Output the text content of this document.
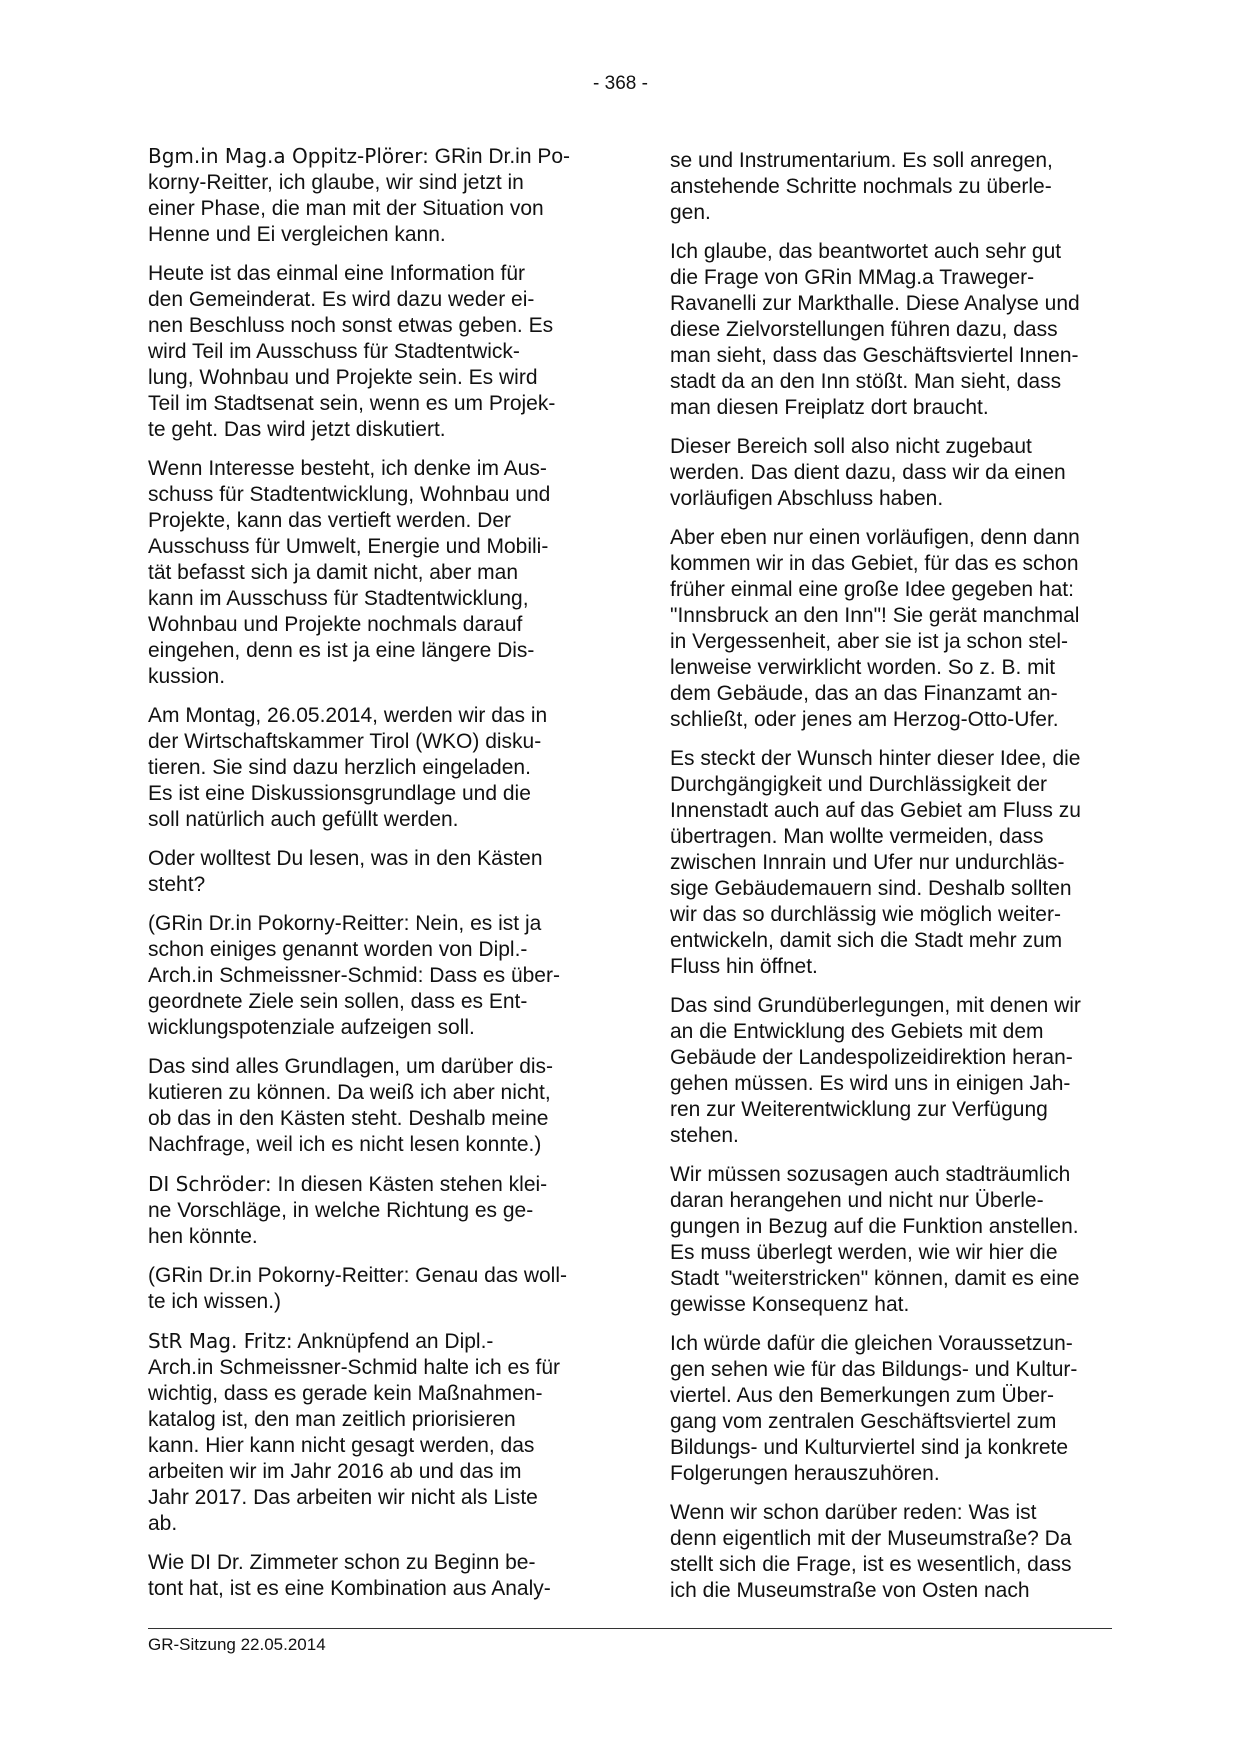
- 368 -

Bgm.in Mag.a Oppitz-Plörer: GRin Dr.in Po-
korny-Reitter, ich glaube, wir sind jetzt in
einer Phase, die man mit der Situation von
Henne und Ei vergleichen kann.

Heute ist das einmal eine Information für
den Gemeinderat. Es wird dazu weder ei-
nen Beschluss noch sonst etwas geben. Es
wird Teil im Ausschuss für Stadtentwick-
lung, Wohnbau und Projekte sein. Es wird
Teil im Stadtsenat sein, wenn es um Projek-
te geht. Das wird jetzt diskutiert.

Wenn Interesse besteht, ich denke im Aus-
schuss für Stadtentwicklung, Wohnbau und
Projekte, kann das vertieft werden. Der
Ausschuss für Umwelt, Energie und Mobili-
tät befasst sich ja damit nicht, aber man
kann im Ausschuss für Stadtentwicklung,
Wohnbau und Projekte nochmals darauf
eingehen, denn es ist ja eine längere Dis-
kussion.

Am Montag, 26.05.2014, werden wir das in
der Wirtschaftskammer Tirol (WKO) disku-
tieren. Sie sind dazu herzlich eingeladen.
Es ist eine Diskussionsgrundlage und die
soll natürlich auch gefüllt werden.

Oder wolltest Du lesen, was in den Kästen
steht?

(GRin Dr.in Pokorny-Reitter: Nein, es ist ja
schon einiges genannt worden von Dipl.-
Arch.in Schmeissner-Schmid: Dass es über-
geordnete Ziele sein sollen, dass es Ent-
wicklungspotenziale aufzeigen soll.

Das sind alles Grundlagen, um darüber dis-
kutieren zu können. Da weiß ich aber nicht,
ob das in den Kästen steht. Deshalb meine
Nachfrage, weil ich es nicht lesen konnte.)

DI Schröder: In diesen Kästen stehen klei-
ne Vorschläge, in welche Richtung es ge-
hen könnte.

(GRin Dr.in Pokorny-Reitter: Genau das woll-
te ich wissen.)

StR Mag. Fritz: Anknüpfend an Dipl.-
Arch.in Schmeissner-Schmid halte ich es für
wichtig, dass es gerade kein Maßnahmen-
katalog ist, den man zeitlich priorisieren
kann. Hier kann nicht gesagt werden, das
arbeiten wir im Jahr 2016 ab und das im
Jahr 2017. Das arbeiten wir nicht als Liste
ab.

Wie DI Dr. Zimmeter schon zu Beginn be-
tont hat, ist es eine Kombination aus Analy-

se und Instrumentarium. Es soll anregen,
anstehende Schritte nochmals zu überle-
gen.

Ich glaube, das beantwortet auch sehr gut
die Frage von GRin MMag.a Traweger-
Ravanelli zur Markthalle. Diese Analyse und
diese Zielvorstellungen führen dazu, dass
man sieht, dass das Geschäftsviertel Innen-
stadt da an den Inn stößt. Man sieht, dass
man diesen Freiplatz dort braucht.

Dieser Bereich soll also nicht zugebaut
werden. Das dient dazu, dass wir da einen
vorläufigen Abschluss haben.

Aber eben nur einen vorläufigen, denn dann
kommen wir in das Gebiet, für das es schon
früher einmal eine große Idee gegeben hat:
"Innsbruck an den Inn"! Sie gerät manchmal
in Vergessenheit, aber sie ist ja schon stel-
lenweise verwirklicht worden. So z. B. mit
dem Gebäude, das an das Finanzamt an-
schließt, oder jenes am Herzog-Otto-Ufer.

Es steckt der Wunsch hinter dieser Idee, die
Durchgängigkeit und Durchlässigkeit der
Innenstadt auch auf das Gebiet am Fluss zu
übertragen. Man wollte vermeiden, dass
zwischen Innrain und Ufer nur undurchläs-
sige Gebäudemauern sind. Deshalb sollten
wir das so durchlässig wie möglich weiter-
entwickeln, damit sich die Stadt mehr zum
Fluss hin öffnet.

Das sind Grundüberlegungen, mit denen wir
an die Entwicklung des Gebiets mit dem
Gebäude der Landespolizeidirektion heran-
gehen müssen. Es wird uns in einigen Jah-
ren zur Weiterentwicklung zur Verfügung
stehen.

Wir müssen sozusagen auch stadträumlich
daran herangehen und nicht nur Überle-
gungen in Bezug auf die Funktion anstellen.
Es muss überlegt werden, wie wir hier die
Stadt "weiterstricken" können, damit es eine
gewisse Konsequenz hat.

Ich würde dafür die gleichen Voraussetzun-
gen sehen wie für das Bildungs- und Kultur-
viertel. Aus den Bemerkungen zum Über-
gang vom zentralen Geschäftsviertel zum
Bildungs- und Kulturviertel sind ja konkrete
Folgerungen herauszuhören.

Wenn wir schon darüber reden: Was ist
denn eigentlich mit der Museumstraße? Da
stellt sich die Frage, ist es wesentlich, dass
ich die Museumstraße von Osten nach

GR-Sitzung 22.05.2014
